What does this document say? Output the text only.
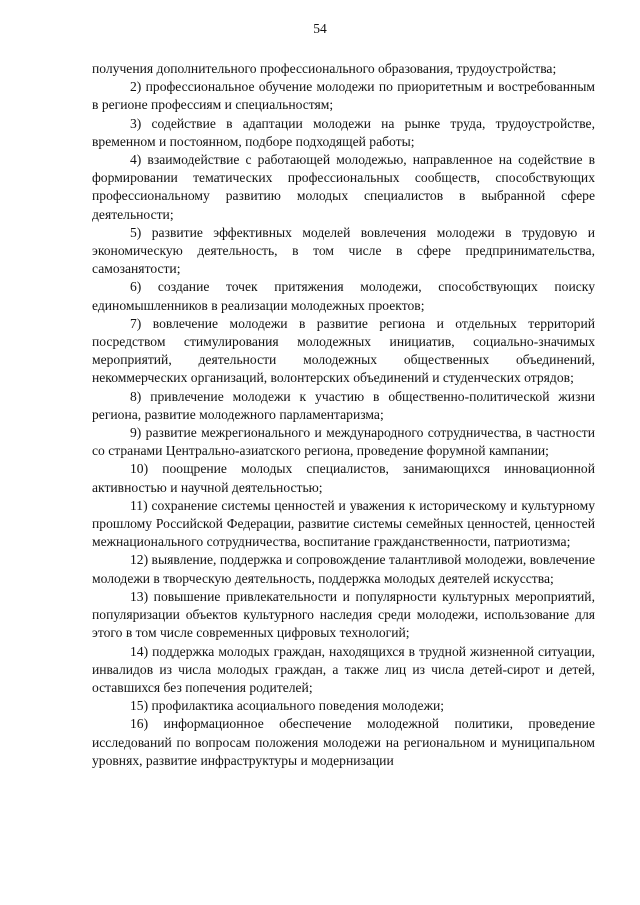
54

получения дополнительного профессионального образования, трудоустройства;

2) профессиональное обучение молодежи по приоритетным и востребованным в регионе профессиям и специальностям;

3) содействие в адаптации молодежи на рынке труда, трудоустройстве, временном и постоянном, подборе подходящей работы;

4) взаимодействие с работающей молодежью, направленное на содействие в формировании тематических профессиональных сообществ, способствующих профессиональному развитию молодых специалистов в выбранной сфере деятельности;

5) развитие эффективных моделей вовлечения молодежи в трудовую и экономическую деятельность, в том числе в сфере предпринимательства, самозанятости;

6) создание точек притяжения молодежи, способствующих поиску единомышленников в реализации молодежных проектов;

7) вовлечение молодежи в развитие региона и отдельных территорий посредством стимулирования молодежных инициатив, социально-значимых мероприятий, деятельности молодежных общественных объединений, некоммерческих организаций, волонтерских объединений и студенческих отрядов;

8) привлечение молодежи к участию в общественно-политической жизни региона, развитие молодежного парламентаризма;

9) развитие межрегионального и международного сотрудничества, в частности со странами Центрально-азиатского региона, проведение форумной кампании;

10) поощрение молодых специалистов, занимающихся инновационной активностью и научной деятельностью;

11) сохранение системы ценностей и уважения к историческому и культурному прошлому Российской Федерации, развитие системы семейных ценностей, ценностей межнационального сотрудничества, воспитание гражданственности, патриотизма;

12) выявление, поддержка и сопровождение талантливой молодежи, вовлечение молодежи в творческую деятельность, поддержка молодых деятелей искусства;

13) повышение привлекательности и популярности культурных мероприятий, популяризации объектов культурного наследия среди молодежи, использование для этого в том числе современных цифровых технологий;

14) поддержка молодых граждан, находящихся в трудной жизненной ситуации, инвалидов из числа молодых граждан, а также лиц из числа детей-сирот и детей, оставшихся без попечения родителей;

15) профилактика асоциального поведения молодежи;

16) информационное обеспечение молодежной политики, проведение исследований по вопросам положения молодежи на региональном и муниципальном уровнях, развитие инфраструктуры и модернизации
